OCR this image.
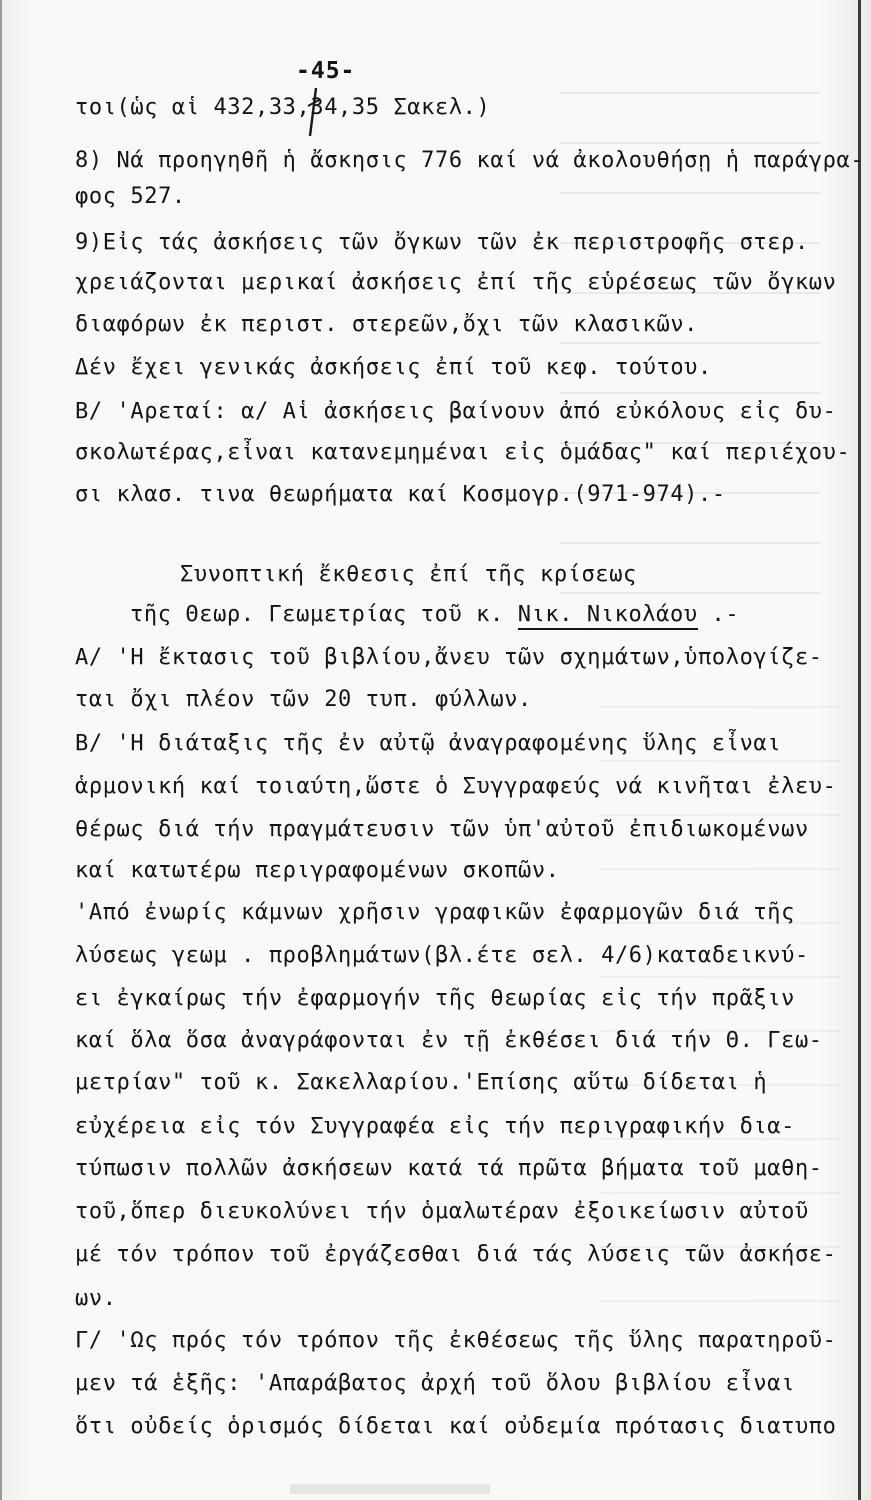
-45-
τοι(ὡς αἱ 432,33,34,35 Σακελ.)
8) Νά προηγηθῆ ἡ ἄσκησις 776 καί νά ἀκολουθήσῃ ἡ παράγρα-
φος 527.
9)Εἰς τάς ἀσκήσεις τῶν ὄγκων τῶν ἐκ περιστροφῆς στερ.
χρειάζονται μερικαί ἀσκήσεις ἐπί τῆς εὑρέσεως τῶν ὄγκων
διαφόρων ἐκ περιστ. στερεῶν,ὄχι τῶν κλασικῶν.
Δέν ἔχει γενικάς ἀσκήσεις ἐπί τοῦ κεφ. τούτου.
Β/ 'Αρεταί: α/ Αἱ ἀσκήσεις βαίνουν ἀπό εὐκόλους εἰς δυ-
σκολωτέρας,εἶναι κατανεμημέναι εἰς ὁμάδας" καί περιέχου-
σι κλασ. τινα θεωρήματα καί Κοσμογρ.(971-974).-
Συνοπτική ἔκθεσις ἐπί τῆς κρίσεως
τῆς Θεωρ. Γεωμετρίας τοῦ κ. Νικ. Νικολάου .-
Α/ 'Η ἔκτασις τοῦ βιβλίου,ἄνευ τῶν σχημάτων,ὑπολογίζε-
ται ὄχι πλέον τῶν 20 τυπ. φύλλων.
Β/ 'Η διάταξις τῆς ἐν αὐτῷ ἀναγραφομένης ὕλης εἶναι
ἁρμονική καί τοιαύτη,ὥστε ὁ Συγγραφεύς νά κινῆται ἐλευ-
θέρως διά τήν πραγμάτευσιν τῶν ὑπ'αὐτοῦ ἐπιδιωκομένων
καί κατωτέρω περιγραφομένων σκοπῶν.
'Από ἐνωρίς κάμνων χρῆσιν γραφικῶν ἐφαρμογῶν διά τῆς
λύσεως γεωμ . προβλημάτων(βλ.έτε σελ. 4/6)καταδεικνύ-
ει ἐγκαίρως τήν ἐφαρμογήν τῆς θεωρίας εἰς τήν πρᾶξιν
καί ὅλα ὅσα ἀναγράφονται ἐν τῇ ἐκθέσει διά τήν Θ. Γεω-
μετρίαν" τοῦ κ. Σακελλαρίου.'Επίσης αὕτω δίδεται ἡ
εὐχέρεια εἰς τόν Συγγραφέα εἰς τήν περιγραφικήν δια-
τύπωσιν πολλῶν ἀσκήσεων κατά τά πρῶτα βήματα τοῦ μαθη-
τοῦ,ὅπερ διευκολύνει τήν ὁμαλωτέραν ἐξοικείωσιν αὐτοῦ
μέ τόν τρόπον τοῦ ἐργάζεσθαι διά τάς λύσεις τῶν ἀσκήσε-
ων.
Γ/ 'Ως πρός τόν τρόπον τῆς ἐκθέσεως τῆς ὕλης παρατηροῦ-
μεν τά ἑξῆς: 'Απαράβατος ἀρχή τοῦ ὅλου βιβλίου εἶναι
ὅτι οὐδείς ὁρισμός δίδεται καί οὐδεμία πρότασις διατυπο
